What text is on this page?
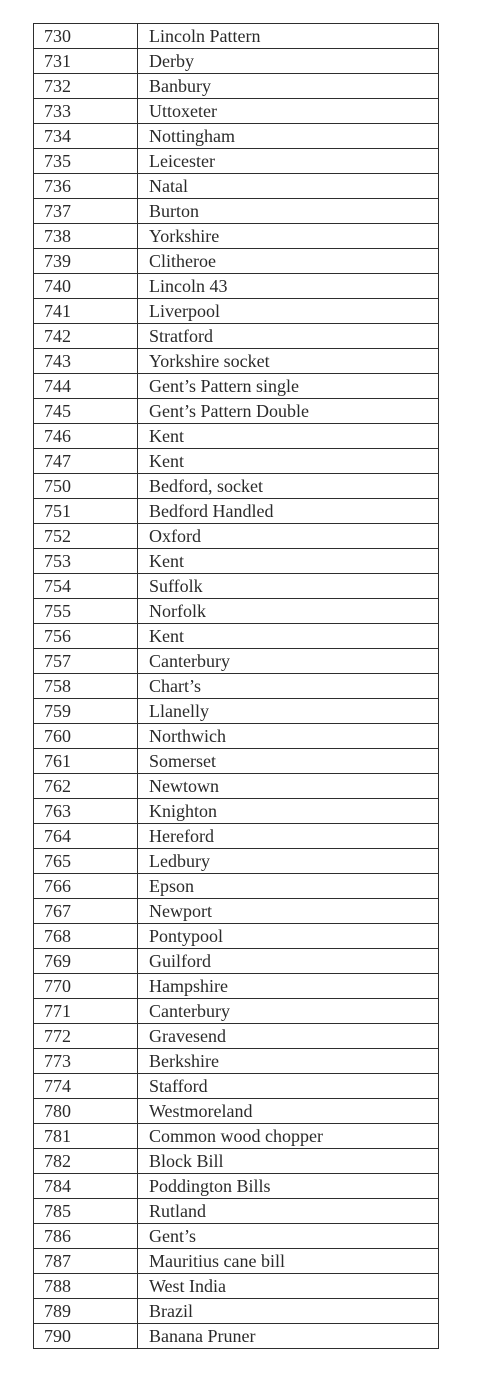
730	Lincoln Pattern
731	Derby
732	Banbury
733	Uttoxeter
734	Nottingham
735	Leicester
736	Natal
737	Burton
738	Yorkshire
739	Clitheroe
740	Lincoln 43
741	Liverpool
742	Stratford
743	Yorkshire socket
744	Gent’s Pattern single
745	Gent’s Pattern Double
746	Kent
747	Kent
750	Bedford, socket
751	Bedford Handled
752	Oxford
753	Kent
754	Suffolk
755	Norfolk
756	Kent
757	Canterbury
758	Chart’s
759	Llanelly
760	Northwich
761	Somerset
762	Newtown
763	Knighton
764	Hereford
765	Ledbury
766	Epson
767	Newport
768	Pontypool
769	Guilford
770	Hampshire
771	Canterbury
772	Gravesend
773	Berkshire
774	Stafford
780	Westmoreland
781	Common wood chopper
782	Block Bill
784	Poddington Bills
785	Rutland
786	Gent’s
787	Mauritius cane bill
788	West India
789	Brazil
790	Banana Pruner
